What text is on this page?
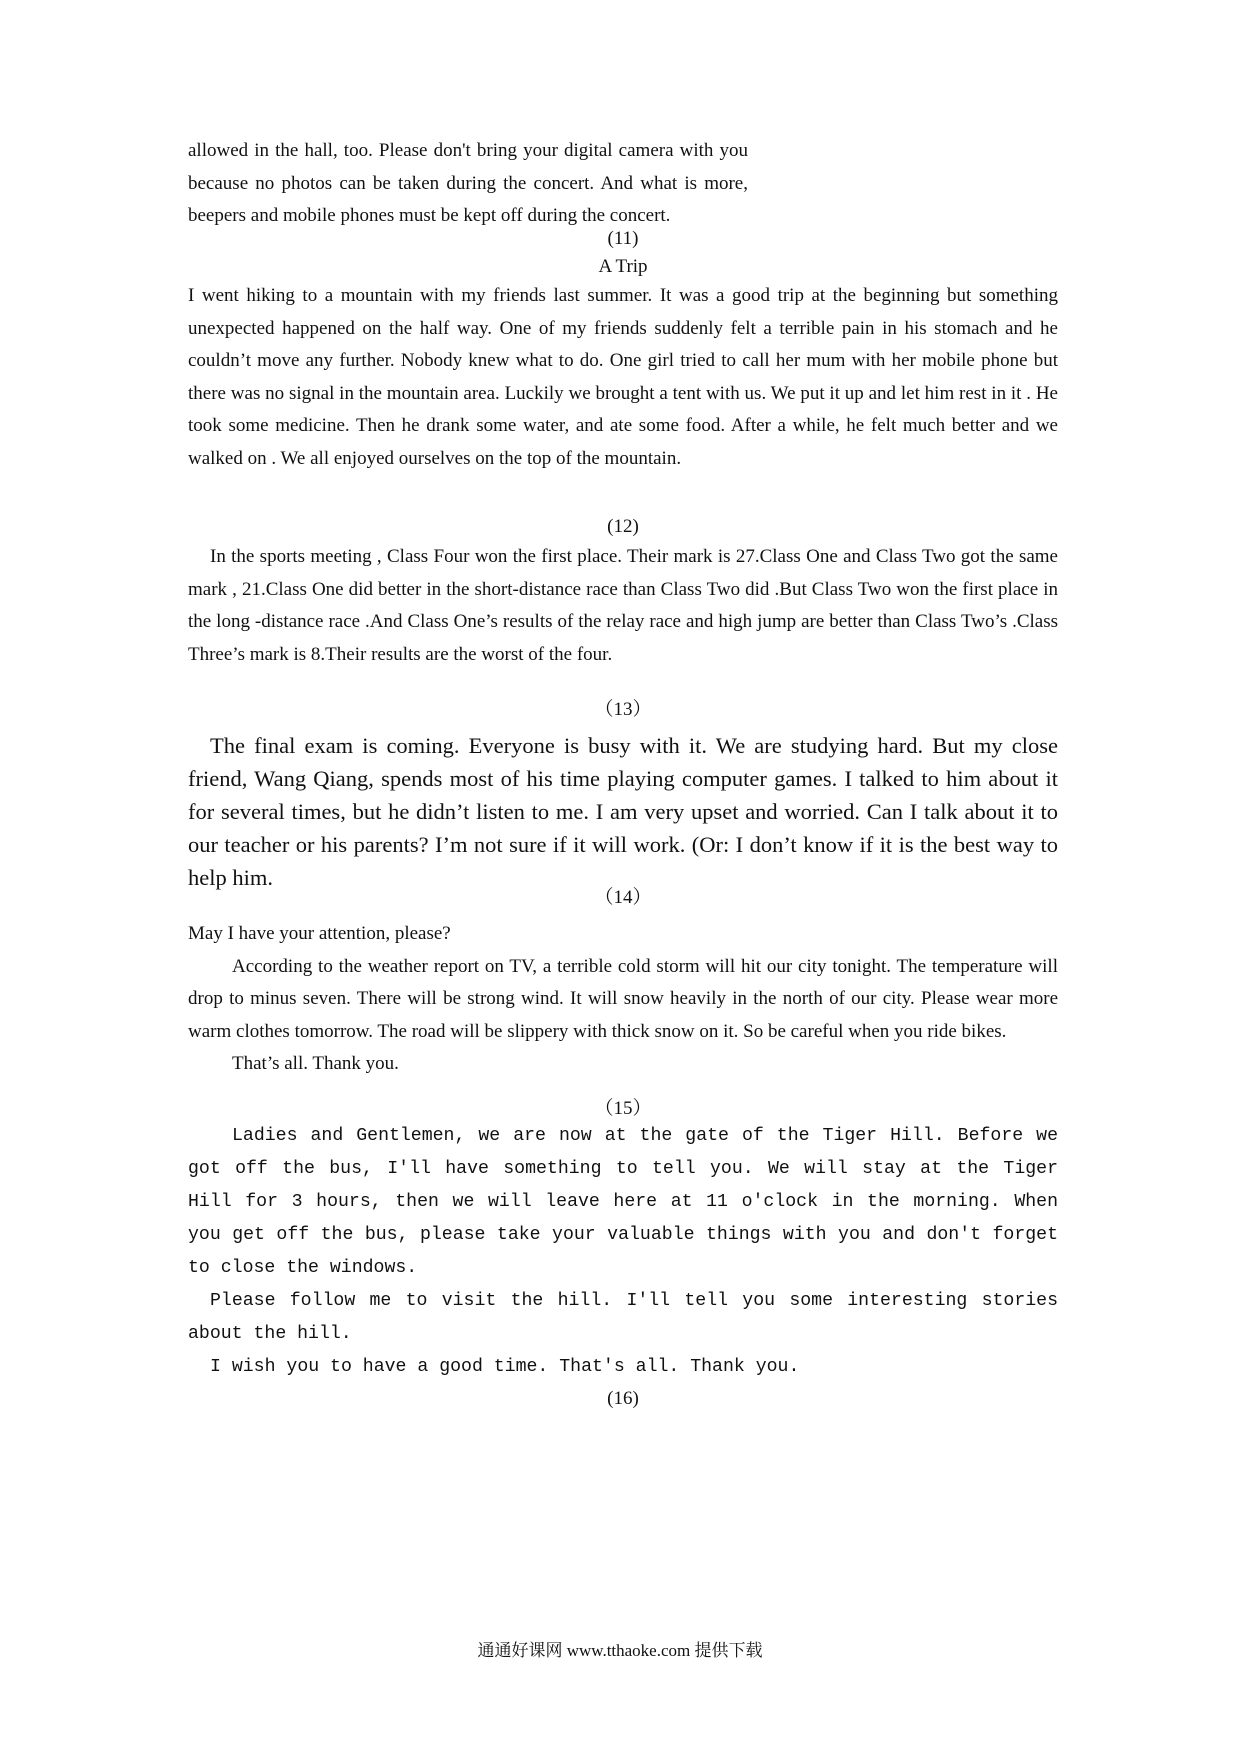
allowed in the hall, too. Please don't bring your digital camera with you because no photos can be taken during the concert. And what is more, beepers and mobile phones must be kept off during the concert.

(11)
A Trip

I went hiking to a mountain with my friends last summer. It was a good trip at the beginning but something unexpected happened on the half way. One of my friends suddenly felt a terrible pain in his stomach and he couldn’t move any further. Nobody knew what to do. One girl tried to call her mum with her mobile phone but there was no signal in the mountain area. Luckily we brought a tent with us. We put it up and let him rest in it . He took some medicine. Then he drank some water, and ate some food. After a while, he felt much better and we walked on . We all enjoyed ourselves on the top of the mountain.

(12)

In the sports meeting , Class Four won the first place. Their mark is 27.Class One and Class Two got the same mark , 21.Class One did better in the short-distance race than Class Two did .But Class Two won the first place in the long -distance race .And Class One’s results of the relay race and high jump are better than Class Two’s .Class Three’s mark is 8.Their results are the worst of the four.

（13）

The final exam is coming. Everyone is busy with it. We are studying hard. But my close friend, Wang Qiang, spends most of his time playing computer games. I talked to him about it for several times, but he didn’t listen to me. I am very upset and worried. Can I talk about it to our teacher or his parents? I’m not sure if it will work. (Or: I don’t know if it is the best way to help him.

（14）

May I have your attention, please?

According to the weather report on TV, a terrible cold storm will hit our city tonight. The temperature will drop to minus seven. There will be strong wind. It will snow heavily in the north of our city. Please wear more warm clothes tomorrow. The road will be slippery with thick snow on it. So be careful when you ride bikes.

That’s all. Thank you.

（15）

Ladies and Gentlemen, we are now at the gate of the Tiger Hill. Before we got off the bus, I'll have something to tell you. We will stay at the Tiger Hill for 3 hours, then we will leave here at 11 o'clock in the morning. When you get off the bus, please take your valuable things with you and don't forget to close the windows.

Please follow me to visit the hill. I'll tell you some interesting stories about the hill.

I wish you to have a good time. That's all. Thank you.

(16)
通通好课网 www.tthaoke.com 提供下载
